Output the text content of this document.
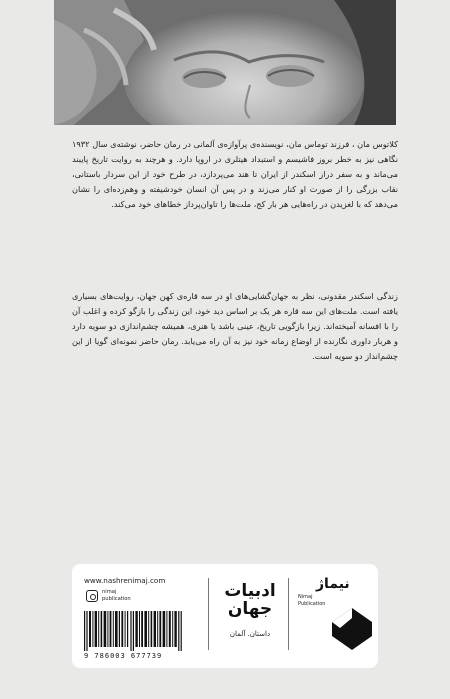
کلاتوس مان ، فرزند توماس مان، نویسنده‌ی پرآوازه‌ی آلمانی در رمان حاضر، نوشته‌ی سال ۱۹۳۲ نگاهی نیز به خطر بروز فاشیسم و استبداد هیتلری در اروپا دارد. و هرچند به روایت تاریخ پایبند می‌ماند و به سفر دراز اسکندر از ایران تا هند می‌پردازد، در طرح خود از این سردار باستانی، نقاب بزرگی را از صورت او کنار می‌زند و در پس آن انسان خودشیفته و وهم‌زده‌ای را نشان می‌دهد که با لغزیدن در راه‌هایی هر بار کج، ملت‌ها را تاوان‌پرداز خطاهای خود می‌کند.

زندگی اسکندر مقدونی، نظر به جهان‌گشایی‌های او در سه قاره‌ی کهن جهان، روایت‌های بسیاری یافته است. ملت‌های این سه قاره هر یک بر اساس دید خود، این زندگی را بازگو کرده و اغلب آن را با افسانه آمیخته‌اند. زیرا بازگویی تاریخ، عینی باشد یا هنری، همیشه چشم‌اندازی دو سویه دارد و هربار داوری نگارنده از اوضاع زمانه خود نیز به آن راه می‌یابد. رمان حاضر نمونه‌ای گویا از این چشم‌انداز دو سویه است.

www.nashrenimaj.com
nimaj
publication
9 786003 677739
ادبیات جهان
داستان. آلمان
نیماژ
Nimaj
Publication
